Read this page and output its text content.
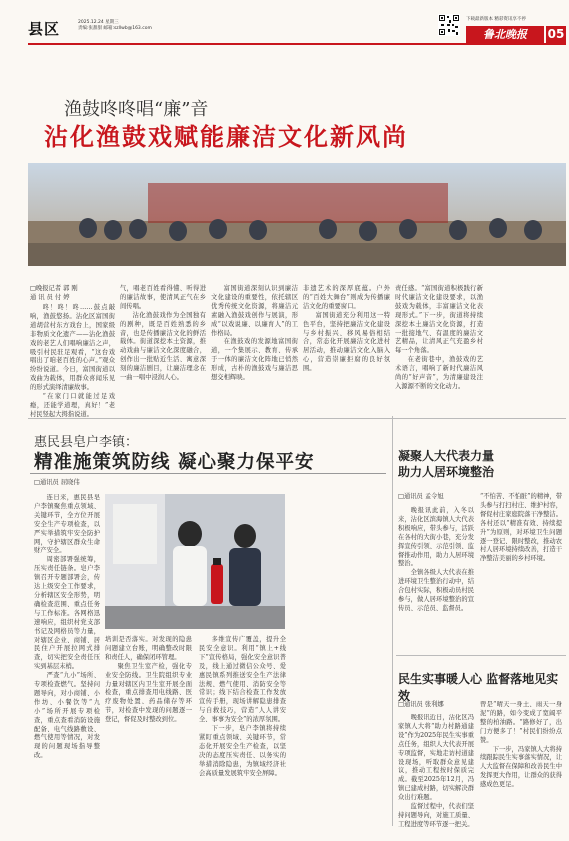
县区	2025.12.24 星期三
责编:张甜甜 邮箱:szllwb@163.com
下载最新版本 精彩资讯享不停
鲁北晚报	05
渔鼓咚咚唱“廉”音
沾化渔鼓戏赋能廉洁文化新风尚
□晚报记者 郭 刚
通 讯 员 付 婷

咚！咚！咚……鼓点敲响，渔鼓悠扬。沾化区富国街道胡营村东方戏台上，国家级非物质文化遗产——沾化渔鼓戏的老艺人们唱响廉洁之声，吸引村民驻足观看，“这台戏唱出了咱老百姓的心声。”观众纷纷说道。今日，富国街道以戏曲为载体，用群众喜闻乐见的形式演绎清廉故事。

“在家门口就能过足戏瘾，还能学道理，真好！”老村民竖起大拇指说道。

气，唱老百姓看得懂、听得进的廉洁故事，使清风正气在乡间传唱。

沾化渔鼓戏作为全国独有的剧种，既是百姓熟悉的乡音，也是传播廉洁文化的鲜活载体。街道深挖本土资源，推动戏曲与廉洁文化深度融合，创作出一批贴近生活、寓意深刻的廉洁剧目，让廉洁理念在一曲一唱中浸润人心。

富国街道深刻认识到廉洁文化建设的重要性，依托辖区优秀传统文化资源，将廉洁元素融入渔鼓戏创作与展演，形成“以戏说廉、以廉育人”的工作格局。

在渔鼓戏的发源地富国街道，一个集展示、教育、传承于一体的廉洁文化阵地已悄然形成，古朴的渔鼓戏与廉洁思想交相辉映。

非遗艺术的深厚底蕴。户外的“百姓大舞台”则成为传播廉洁文化的重要窗口。

富国街道充分利用这一特色平台，坚持把廉洁文化建设与乡村振兴、移风易俗相结合，常态化开展廉洁文化进村居活动，推动廉洁文化入脑入心，营造崇廉拒腐的良好氛围。

责任感。“富国街道积极践行新时代廉洁文化建设要求，以渔鼓戏为载体，丰富廉洁文化表现形式。”下一步，街道将持续深挖本土廉洁文化资源，打造一批接地气、有温度的廉洁文艺精品，让清风正气充盈乡村每一个角落。

在老街巷中，渔鼓戏的艺术语言，唱响了新时代廉洁风尚的“好声音”，为清廉建设注入源源不断的文化动力。

惠民县皂户李镇：
精准施策筑防线 凝心聚力保平安
□通讯员 屈晓伟

连日来，惠民县皂户李镇聚焦重点领域、关键环节，全方位开展安全生产专项检查，以严实举措筑牢安全防护网，守护辖区群众生命财产安全。

周密部署强统筹，压实责任链条。皂户李镇召开专题部署会，传达上级安全工作要求，分析辖区安全形势，明确检查范围、重点任务与工作标准。各网格迅速响应，组织村党支部书记及网格员等力量，对辖区企业、商铺、居民住户开展拉网式排查，切实把安全责任压实到基层末梢。

严查“九小”场所、专项检查燃气。坚持问题导向，对小商铺、小作坊、小餐饮等“九小”场所开展专项检查，重点查看消防设施配备、电气线路敷设、燃气使用等情况，对发现的问题现场指导整改。

培训是否落实。对发现的隐患问题建立台账，明确整改时限和责任人，确保闭环管理。

聚焦卫生室产检，强化专业安全防线。卫生院组织专业力量对辖区内卫生室开展全面检查，重点排查用电线路、医疗废物处置、药品储存等环节，对检查中发现的问题逐一登记，督促及时整改到位。

多维宣传广覆盖，提升全民安全意识。利用“镇上+线下”宣传格局，强化安全意识普及，线上通过微信公众号、爱惠民镇系列推送安全生产法律法规、燃气使用、消防安全等常识；线下结合检查工作发放宣传手册，现场讲解隐患排查与自救技巧，营造“人人讲安全、事事为安全”的浓厚氛围。

下一步，皂户李镇将持续紧盯重点领域、关键环节，常态化开展安全生产检查，以坚决的态度压实责任、以务实的举措消除隐患，为镇域经济社会高质量发展筑牢安全屏障。

凝聚人大代表力量
助力人居环境整治
□通讯员 孟令旭

晚报讯此前，入冬以来，沾化区滨海镇人大代表积极响应，带头参与，活跃在各村的大街小巷，充分发挥宣传引领、示范引领、监督推动作用，助力人居环境整治。

全镇各级人大代表在推进环境卫生整治行动中，结合包村实际，积极动员村民参与，做人居环境整治的宣传员、示范员、监督员。

“不怕苦、不怕脏”的精神，带头参与打扫村庄、维护村容，督促村庄家庭院落干净整洁。各村还以“精准有效、持续提升”为原则，对环境卫生问题逐一登记、限时整改，推动农村人居环境持续改善，打造干净整洁美丽的乡村环境。

民生实事暖人心 监督落地见实效
□通讯员 张利娜

晚报讯近日，沾化区冯家镇人大将“助力村路通建设”作为2025年民生实事重点任务，组织人大代表开展专项监督，实地走访村道建设现场，听取群众意见建议，推动工程按时保质完成。截至2025年12月，冯镇已建成村路，切实解决群众出行难题。

监督过程中，代表们坚持问题导向，对施工质量、工程进度等环节逐一把关。

曾是“晴天一身土、雨天一身泥”的路，如今变成了宽阔平整的柏油路。“路修好了，出门方便多了！”村民们纷纷点赞。

下一步，冯家镇人大将持续跟踪民生实事落实情况，让人大监督在保障和改善民生中发挥更大作用，让群众的获得感成色更足。
